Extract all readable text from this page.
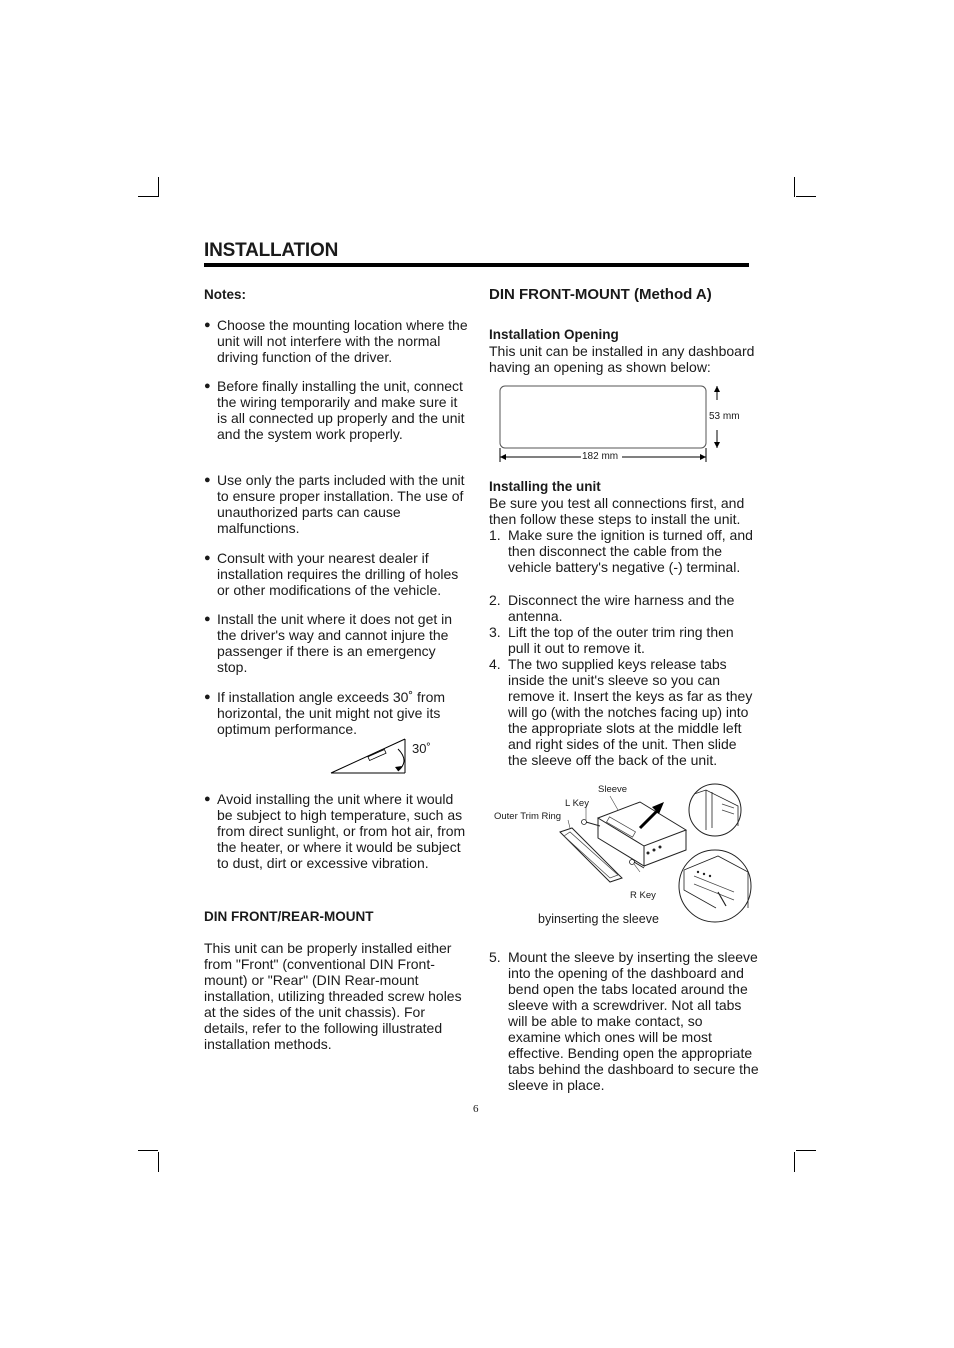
INSTALLATION
Notes:
● Choose the mounting location where the unit will not interfere with the normal driving function of the driver.
● Before finally installing the unit, connect the wiring temporarily and make sure it is all connected up properly and the unit and the system work properly.
● Use only the parts included with the unit to ensure proper installation. The use of unauthorized parts can cause malfunctions.
● Consult with your nearest dealer if installation requires the drilling of holes or other modifications of the vehicle.
● Install the unit where it does not get in the driver's way and cannot injure the passenger if there is an emergency stop.
● If installation angle exceeds 30˚ from horizontal, the unit might not give its optimum performance.
30˚
● Avoid installing the unit where it would be subject to high temperature, such as from direct sunlight, or from hot air, from the heater, or where it would be subject to dust, dirt or excessive vibration.
DIN FRONT/REAR-MOUNT
This unit can be properly installed either from "Front" (conventional DIN Front-mount) or "Rear" (DIN Rear-mount installation, utilizing threaded screw holes at the sides of the unit chassis). For details, refer to the following illustrated installation methods.
DIN FRONT-MOUNT (Method A)
Installation Opening
This unit can be installed in any dashboard having an opening as shown below:
53 mm
182 mm
Installing the unit
Be sure you test all connections first, and then follow these steps to install the unit.
1. Make sure the ignition is turned off, and then disconnect the cable from the vehicle battery's negative (-) terminal.
2. Disconnect the wire harness and the antenna.
3. Lift the top of the outer trim ring then pull it out to remove it.
4. The two supplied keys release tabs inside the unit's sleeve so you can remove it. Insert the keys as far as they will go (with the notches facing up) into the appropriate slots at the middle left and right sides of the unit. Then slide the sleeve off the back of the unit.
Sleeve
L Key
Outer Trim Ring
R Key
byinserting the sleeve
5. Mount the sleeve by inserting the sleeve into the opening of the dashboard and bend open the tabs located around the sleeve with a screwdriver. Not all tabs will be able to make contact, so examine which ones will be most effective. Bending open the appropriate tabs behind the dashboard to secure the sleeve in place.
6
